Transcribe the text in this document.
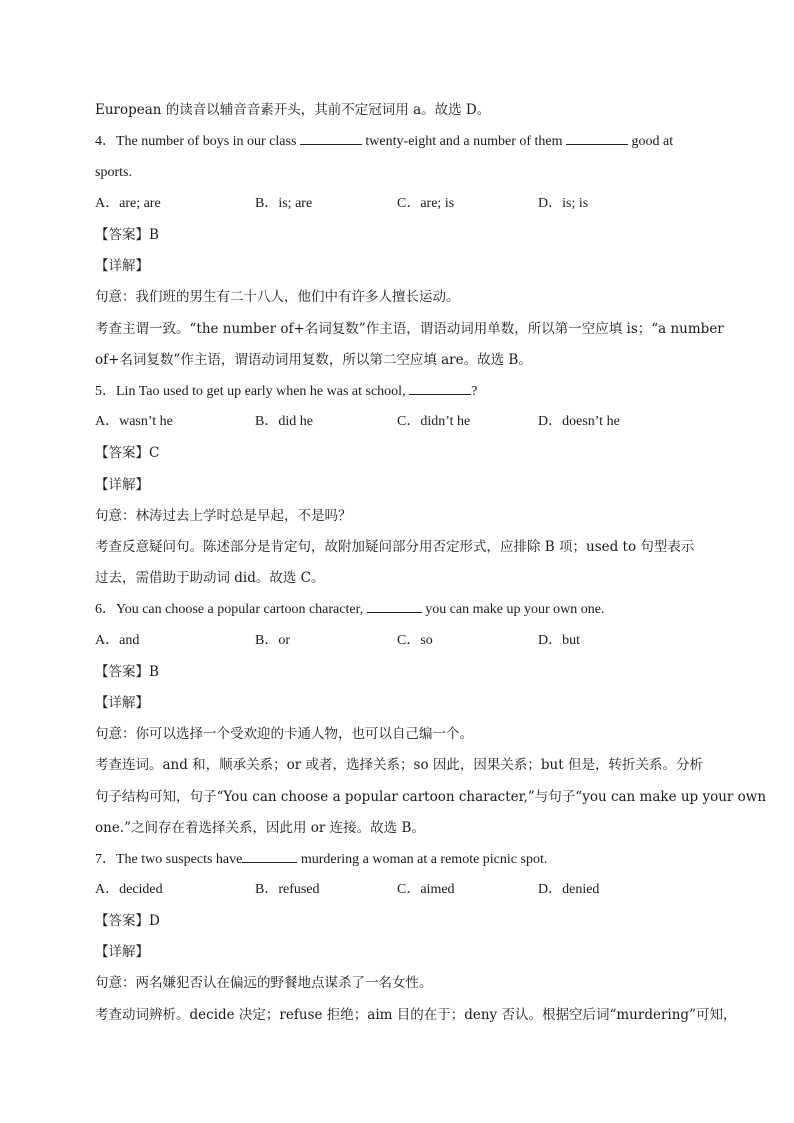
European 的读音以辅音音素开头，其前不定冠词用 a。故选 D。
4．The number of boys in our class	twenty-eight and a number of them	good at
sports.
A．are; are	B．is; are	C．are; is	D．is; is
【答案】B
【详解】
句意：我们班的男生有二十八人，他们中有许多人擅长运动。
考查主谓一致。“the number of+名词复数”作主语，谓语动词用单数，所以第一空应填 is；“a number
of+名词复数”作主语，谓语动词用复数，所以第二空应填 are。故选 B。
5．Lin Tao used to get up early when he was at school,	?
A．wasn’t he	B．did he	C．didn’t he	D．doesn’t he
【答案】C
【详解】
句意：林涛过去上学时总是早起，不是吗？
考查反意疑问句。陈述部分是肯定句，故附加疑问部分用否定形式，应排除 B 项；used to 句型表示
过去，需借助于助动词 did。故选 C。
6．You can choose a popular cartoon character,	you can make up your own one.
A．and	B．or	C．so	D．but
【答案】B
【详解】
句意：你可以选择一个受欢迎的卡通人物，也可以自己编一个。
考查连词。and 和，顺承关系；or 或者，选择关系；so 因此，因果关系；but 但是，转折关系。分析
句子结构可知，句子“You can choose a popular cartoon character,”与句子“you can make up your own
one.”之间存在着选择关系，因此用 or 连接。故选 B。
7．The two suspects have	murdering a woman at a remote picnic spot.
A．decided	B．refused	C．aimed	D．denied
【答案】D
【详解】
句意：两名嫌犯否认在偏远的野餐地点谋杀了一名女性。
考查动词辨析。decide 决定；refuse 拒绝；aim 目的在于；deny 否认。根据空后词“murdering”可知，
